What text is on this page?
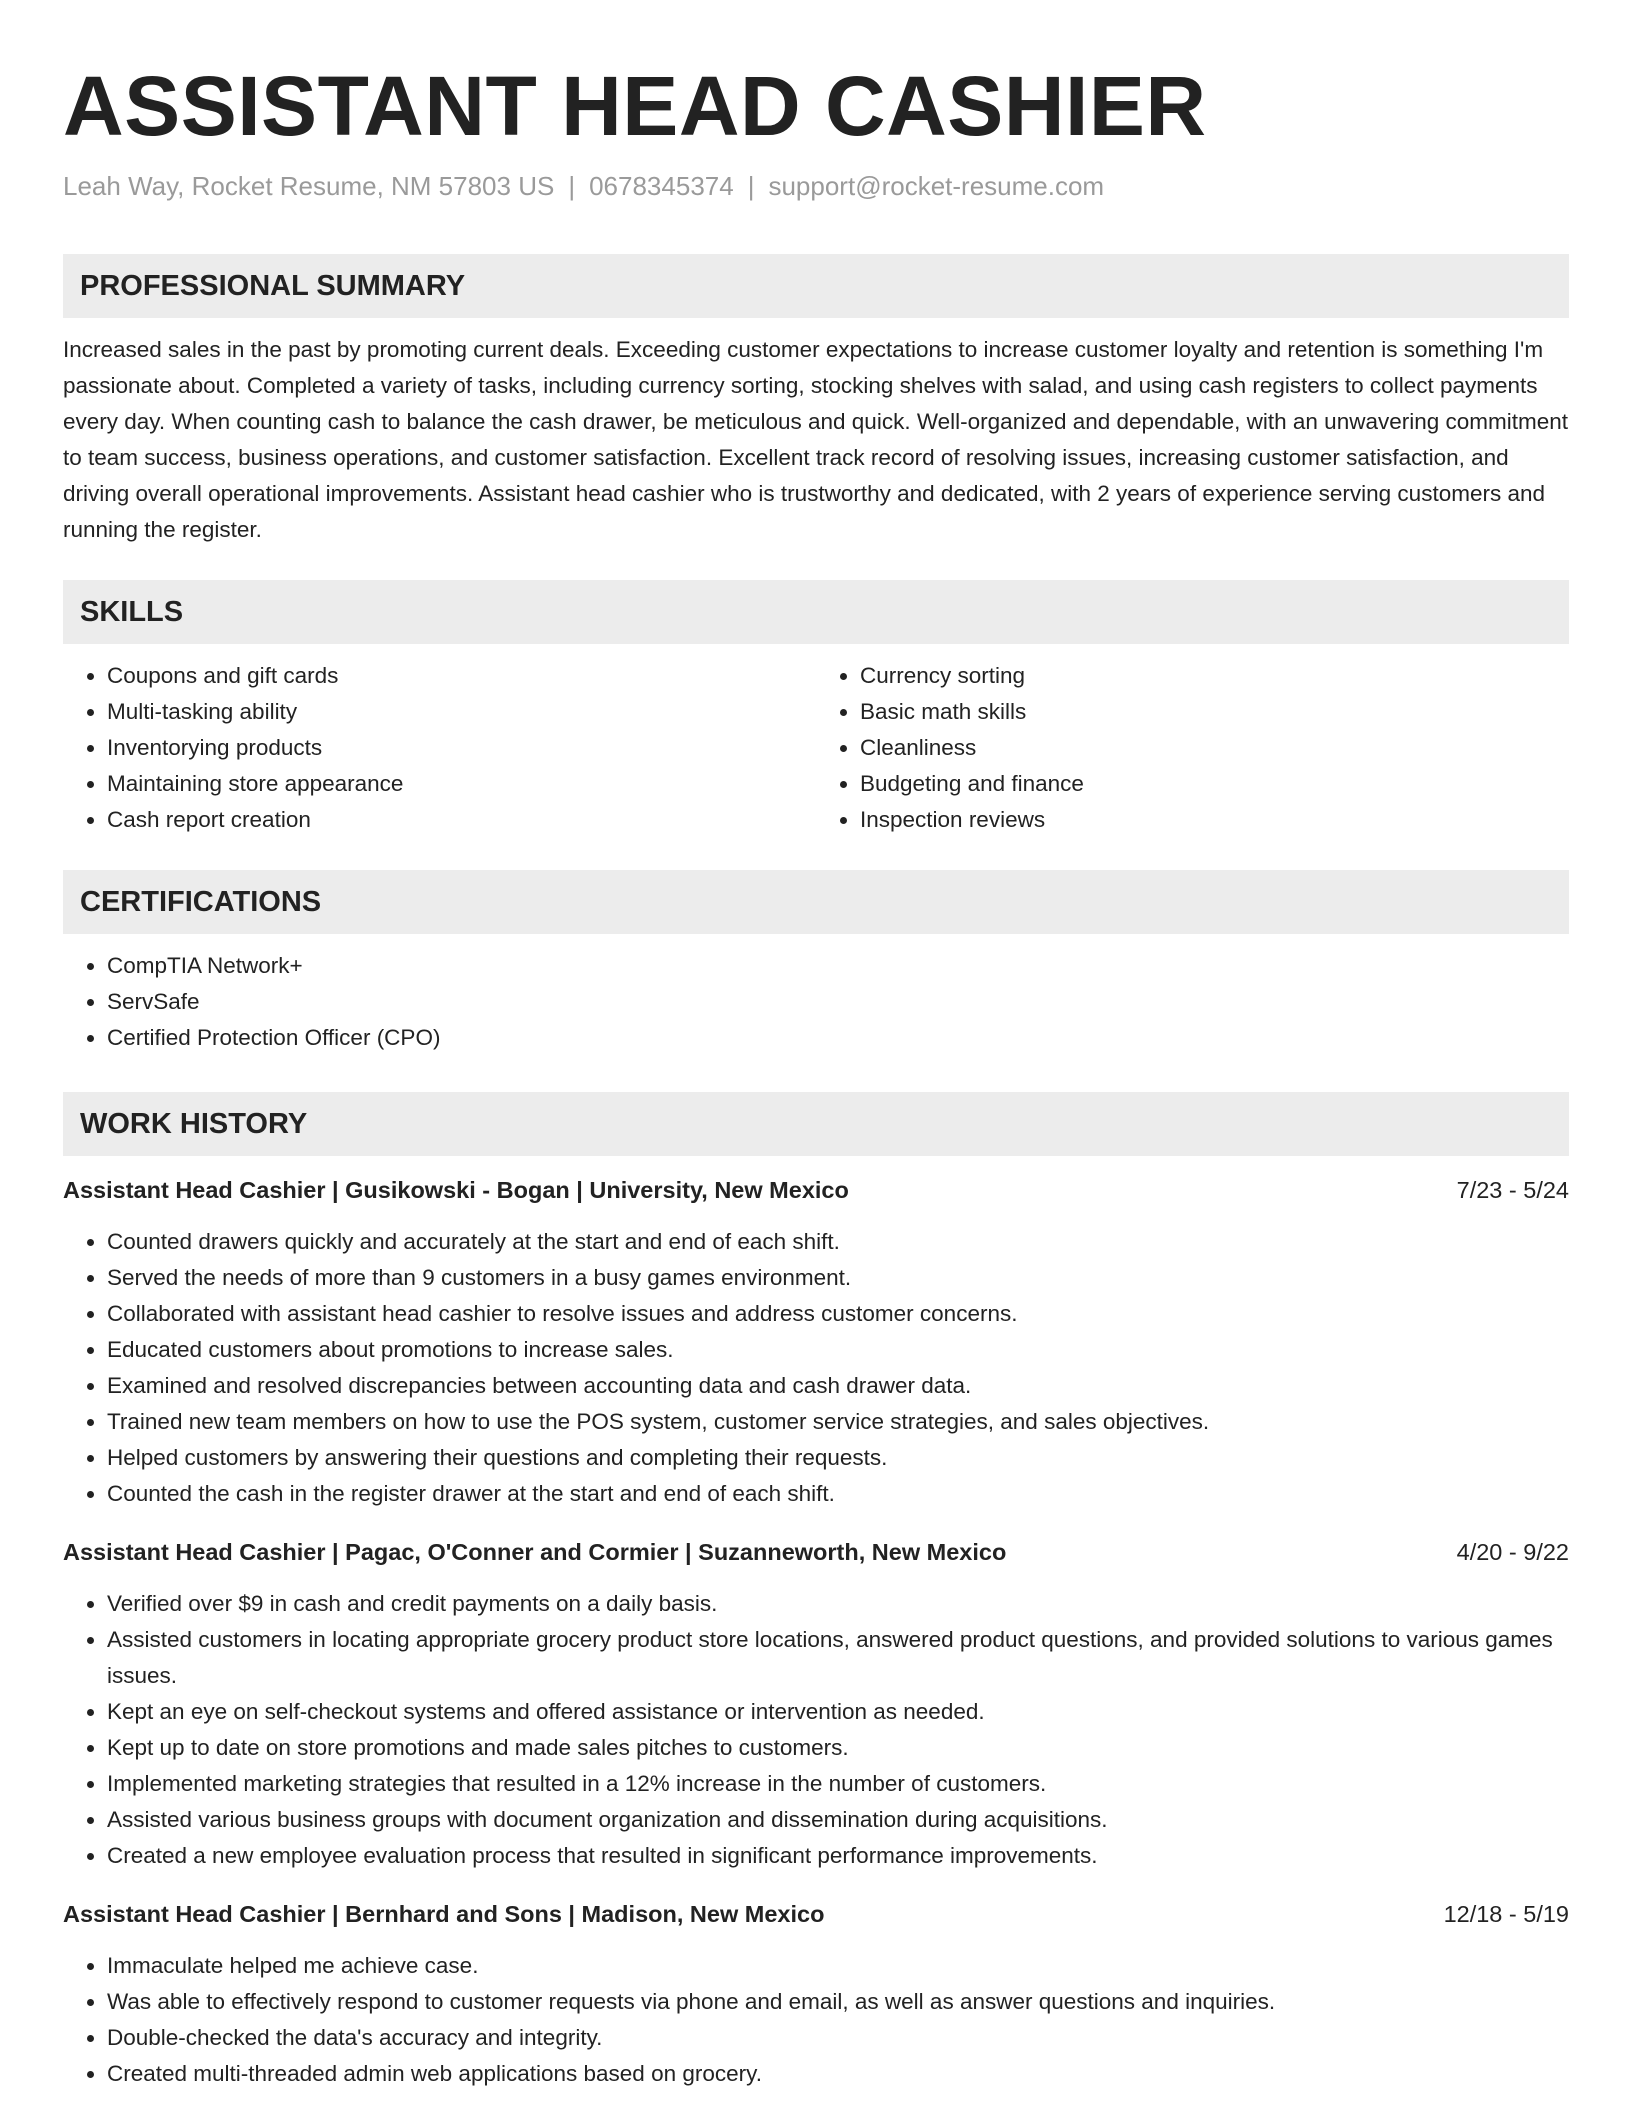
ASSISTANT HEAD CASHIER
Leah Way, Rocket Resume, NM 57803 US | 0678345374 | support@rocket-resume.com
PROFESSIONAL SUMMARY

Increased sales in the past by promoting current deals. Exceeding customer expectations to increase customer loyalty and retention is something I'm passionate about. Completed a variety of tasks, including currency sorting, stocking shelves with salad, and using cash registers to collect payments every day. When counting cash to balance the cash drawer, be meticulous and quick. Well-organized and dependable, with an unwavering commitment to team success, business operations, and customer satisfaction. Excellent track record of resolving issues, increasing customer satisfaction, and driving overall operational improvements. Assistant head cashier who is trustworthy and dedicated, with 2 years of experience serving customers and running the register.

SKILLS
• Coupons and gift cards
• Multi-tasking ability
• Inventorying products
• Maintaining store appearance
• Cash report creation
• Currency sorting
• Basic math skills
• Cleanliness
• Budgeting and finance
• Inspection reviews
CERTIFICATIONS
• CompTIA Network+
• ServSafe
• Certified Protection Officer (CPO)
WORK HISTORY
Assistant Head Cashier | Gusikowski - Bogan | University, New Mexico	7/23 - 5/24
• Counted drawers quickly and accurately at the start and end of each shift.
• Served the needs of more than 9 customers in a busy games environment.
• Collaborated with assistant head cashier to resolve issues and address customer concerns.
• Educated customers about promotions to increase sales.
• Examined and resolved discrepancies between accounting data and cash drawer data.
• Trained new team members on how to use the POS system, customer service strategies, and sales objectives.
• Helped customers by answering their questions and completing their requests.
• Counted the cash in the register drawer at the start and end of each shift.
Assistant Head Cashier | Pagac, O'Conner and Cormier | Suzanneworth, New Mexico	4/20 - 9/22
• Verified over $9 in cash and credit payments on a daily basis.
• Assisted customers in locating appropriate grocery product store locations, answered product questions, and provided solutions to various games issues.
• Kept an eye on self-checkout systems and offered assistance or intervention as needed.
• Kept up to date on store promotions and made sales pitches to customers.
• Implemented marketing strategies that resulted in a 12% increase in the number of customers.
• Assisted various business groups with document organization and dissemination during acquisitions.
• Created a new employee evaluation process that resulted in significant performance improvements.
Assistant Head Cashier | Bernhard and Sons | Madison, New Mexico	12/18 - 5/19
• Immaculate helped me achieve case.
• Was able to effectively respond to customer requests via phone and email, as well as answer questions and inquiries.
• Double-checked the data's accuracy and integrity.
• Created multi-threaded admin web applications based on grocery.
